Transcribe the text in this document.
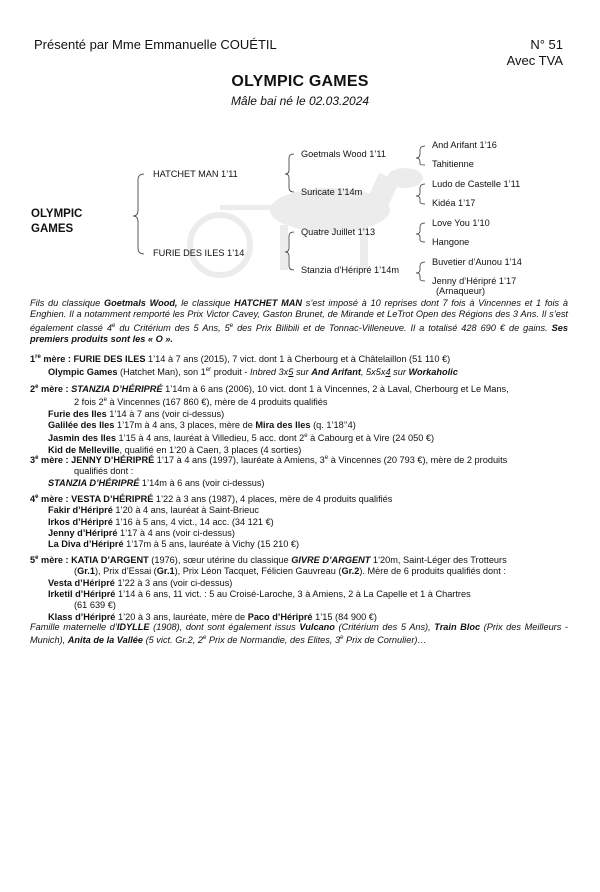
Présenté par Mme Emmanuelle COUÉTIL	N° 51
Avec TVA
OLYMPIC GAMES
Mâle bai né le 02.03.2024
OLYMPIC
GAMES
HATCHET MAN 1’11
FURIE DES ILES 1’14
Goetmals Wood 1’11
Suricate 1’14m
Quatre Juillet 1’13
Stanzia d’Héripré 1’14m
And Arifant 1’16
Tahitienne
Ludo de Castelle 1’11
Kidéa 1’17
Love You 1’10
Hangone
Buvetier d’Aunou 1’14
Jenny d’Héripré 1’17
(Arnaqueur)
Fils du classique Goetmals Wood, le classique HATCHET MAN s’est imposé à 10 reprises dont 7 fois à Vincennes et 1 fois à Enghien. Il a notamment remporté les Prix Victor Cavey, Gaston Brunet, de Mirande et LeTrot Open des Régions des 3 Ans. Il s’est également classé 4e du Critérium des 5 Ans, 5e des Prix Bilibili et de Tonnac-Villeneuve. Il a totalisé 428 690 € de gains. Ses premiers produits sont les « O ».

1re mère : FURIE DES ILES 1’14 à 7 ans (2015), 7 vict. dont 1 à Cherbourg et à Châtelaillon (51 110 €)

Olympic Games (Hatchet Man), son 1er produit - Inbred 3x5 sur And Arifant, 5x5x4 sur Workaholic

2e mère : STANZIA D’HÉRIPRÉ 1’14m à 6 ans (2006), 10 vict. dont 1 à Vincennes, 2 à Laval, Cherbourg et Le Mans,

2 fois 2e à Vincennes (167 860 €), mère de 4 produits qualifiés

Furie des Iles 1’14 à 7 ans (voir ci-dessus)

Galilée des Iles 1’17m à 4 ans, 3 places, mère de Mira des Iles (q. 1’18’’4)

Jasmin des Iles 1’15 à 4 ans, lauréat à Villedieu, 5 acc. dont 2e à Cabourg et à Vire (24 050 €)

Kid de Melleville, qualifié en 1’20 à Caen, 3 places (4 sorties)

3e mère : JENNY D’HÉRIPRÉ 1’17 à 4 ans (1997), lauréate à Amiens, 3e à Vincennes (20 793 €), mère de 2 produits

qualifiés dont :

STANZIA D’HÉRIPRÉ 1’14m à 6 ans (voir ci-dessus)

4e mère : VESTA D’HÉRIPRÉ 1’22 à 3 ans (1987), 4 places, mère de 4 produits qualifiés

Fakir d’Héripré 1’20 à 4 ans, lauréat à Saint-Brieuc

Irkos d’Héripré 1’16 à 5 ans, 4 vict., 14 acc. (34 121 €)

Jenny d’Héripré 1’17 à 4 ans (voir ci-dessus)

La Diva d’Héripré 1’17m à 5 ans, lauréate à Vichy (15 210 €)

5e mère : KATIA D’ARGENT (1976), sœur utérine du classique GIVRE D’ARGENT 1’20m, Saint-Léger des Trotteurs

(Gr.1), Prix d’Essai (Gr.1), Prix Léon Tacquet, Félicien Gauvreau (Gr.2). Mère de 6 produits qualifiés dont :

Vesta d’Héripré 1’22 à 3 ans (voir ci-dessus)

Irketil d’Héripré 1’14 à 6 ans, 11 vict. : 5 au Croisé-Laroche, 3 à Amiens, 2 à La Capelle et 1 à Chartres

(61 639 €)

Klass d’Héripré 1’20 à 3 ans, lauréate, mère de Paco d’Héripré 1’15 (84 900 €)

Famille maternelle d’IDYLLE (1908), dont sont également issus Vulcano (Critérium des 5 Ans), Train Bloc (Prix des Meilleurs - Munich), Anita de la Vallée (5 vict. Gr.2, 2e Prix de Normandie, des Elites, 3e Prix de Cornulier)…
